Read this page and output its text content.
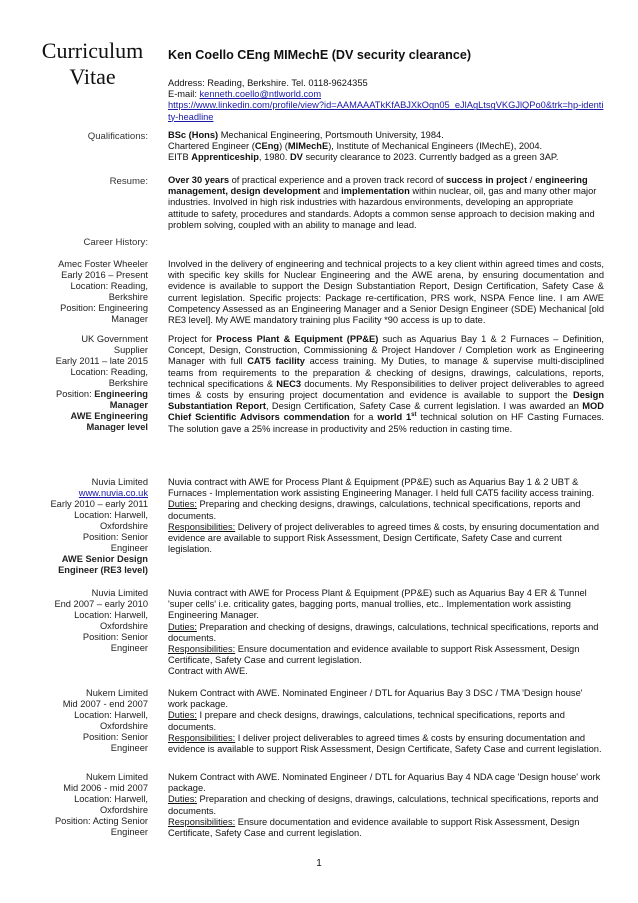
Curriculum
Vitae
Ken Coello CEng MIMechE (DV security clearance)

Address: Reading, Berkshire. Tel. 0118-9624355

E-mail: kenneth.coello@ntlworld.com

https://www.linkedin.com/profile/view?id=AAMAAATkKfABJXkOgn05_eJlAgLtsgVKGJlQPo0&trk=hp-identity-headline

Qualifications: BSc (Hons) Mechanical Engineering, Portsmouth University, 1984.

Chartered Engineer (CEng) (MIMechE), Institute of Mechanical Engineers (IMechE), 2004.

EITB Apprenticeship, 1980. DV security clearance to 2023. Currently badged as a green 3AP.

Resume: Over 30 years of practical experience and a proven track record of success in project / engineering management, design development and implementation within nuclear, oil, gas and many other major industries. Involved in high risk industries with hazardous environments, developing an appropriate attitude to safety, procedures and standards. Adopts a common sense approach to decision making and problem solving, coupled with an ability to manage and lead.

Career History:
Amec Foster Wheeler
Early 2016 – Present
Location: Reading,
Berkshire
Position: Engineering
Manager
Involved in the delivery of engineering and technical projects to a key client within agreed times and costs, with specific key skills for Nuclear Engineering and the AWE arena, by ensuring documentation and evidence is available to support the Design Substantiation Report, Design Certification, Safety Case & current legislation. Specific projects: Package re-certification, PRS work, NSPA Fence line. I am AWE Competency Assessed as an Engineering Manager and a Senior Design Engineer (SDE) Mechanical [old RE3 level]. My AWE mandatory training plus Facility *90 access is up to date.
UK Government
Supplier
Early 2011 – late 2015
Location: Reading,
Berkshire
Position: Engineering
Manager
AWE Engineering
Manager level
Project for Process Plant & Equipment (PP&E) such as Aquarius Bay 1 & 2 Furnaces – Definition, Concept, Design, Construction, Commissioning & Project Handover / Completion work as Engineering Manager with full CAT5 facility access training. My Duties, to manage & supervise multi-disciplined teams from requirements to the preparation & checking of designs, drawings, calculations, reports, technical specifications & NEC3 documents. My Responsibilities to deliver project deliverables to agreed times & costs by ensuring project documentation and evidence is available to support the Design Substantiation Report, Design Certification, Safety Case & current legislation. I was awarded an MOD Chief Scientific Advisors commendation for a world 1st technical solution on HF Casting Furnaces. The solution gave a 25% increase in productivity and 25% reduction in casting time.
Nuvia Limited
www.nuvia.co.uk
Early 2010 – early 2011
Location: Harwell,
Oxfordshire
Position: Senior
Engineer
AWE Senior Design
Engineer (RE3 level)

Nuvia contract with AWE for Process Plant & Equipment (PP&E) such as Aquarius Bay 1 & 2 UBT & Furnaces - Implementation work assisting Engineering Manager. I held full CAT5 facility access training.

Duties: Preparing and checking designs, drawings, calculations, technical specifications, reports and documents.

Responsibilities: Delivery of project deliverables to agreed times & costs, by ensuring documentation and evidence are available to support Risk Assessment, Design Certificate, Safety Case and current legislation.

Nuvia Limited
End 2007 – early 2010
Location: Harwell,
Oxfordshire
Position: Senior
Engineer

Nuvia contract with AWE for Process Plant & Equipment (PP&E) such as Aquarius Bay 4 ER & Tunnel 'super cells' i.e. criticality gates, bagging ports, manual trollies, etc.. Implementation work assisting Engineering Manager.

Duties: Preparation and checking of designs, drawings, calculations, technical specifications, reports and documents.

Responsibilities: Ensure documentation and evidence available to support Risk Assessment, Design Certificate, Safety Case and current legislation.

Contract with AWE.

Nukem Limited
Mid 2007 - end 2007
Location: Harwell,
Oxfordshire
Position: Senior
Engineer

Nukem Contract with AWE. Nominated Engineer / DTL for Aquarius Bay 3 DSC / TMA 'Design house' work package.

Duties: I prepare and check designs, drawings, calculations, technical specifications, reports and documents.

Responsibilities: I deliver project deliverables to agreed times & costs by ensuring documentation and evidence is available to support Risk Assessment, Design Certificate, Safety Case and current legislation.

Nukem Limited
Mid 2006 - mid 2007
Location: Harwell,
Oxfordshire
Position: Acting Senior
Engineer

Nukem Contract with AWE. Nominated Engineer / DTL for Aquarius Bay 4 NDA cage 'Design house' work package.

Duties: Preparation and checking of designs, drawings, calculations, technical specifications, reports and documents.

Responsibilities: Ensure documentation and evidence available to support Risk Assessment, Design Certificate, Safety Case and current legislation.

1
